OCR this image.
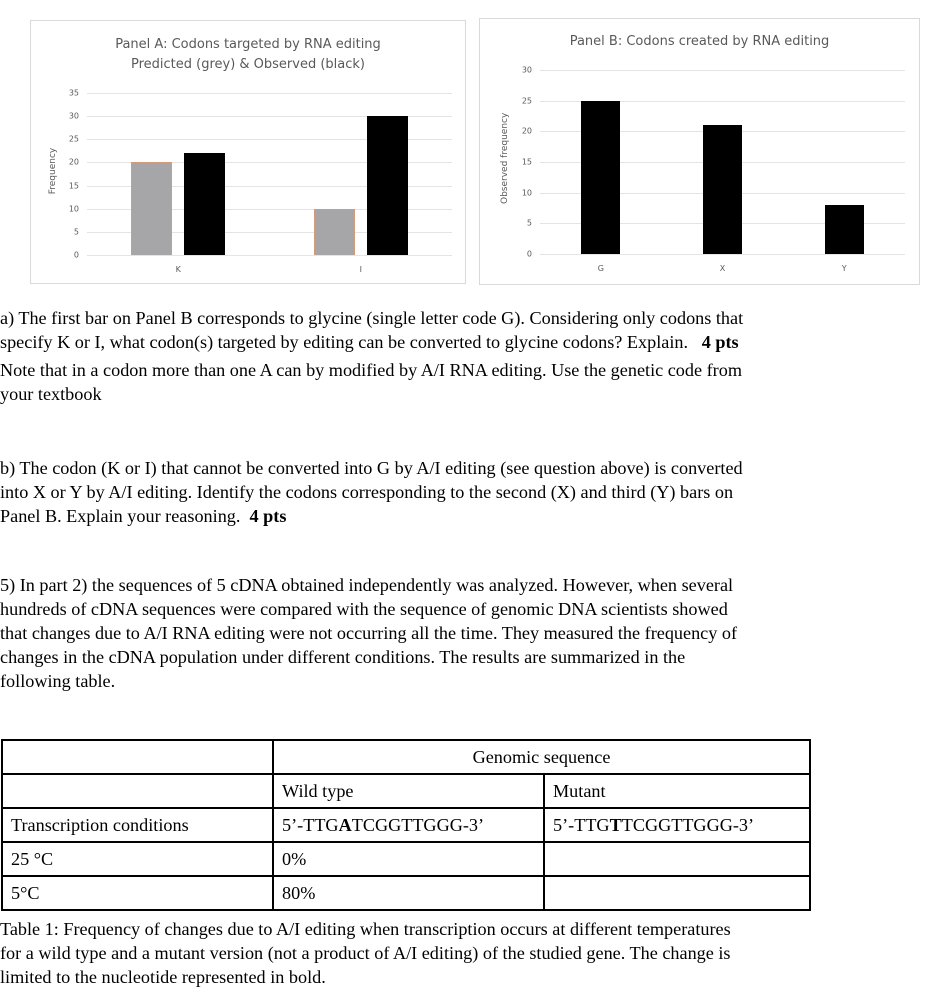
Panel A: Codons targeted by RNA editing
Predicted (grey) & Observed (black)
Frequency
0
5
10
15
20
25
30
35
K	I
Panel B: Codons created by RNA editing
Observed frequency
0
5
10
15
20
25
30
G	X	Y

a) The first bar on Panel B corresponds to glycine (single letter code G). Considering only codons that

specify K or I, what codon(s) targeted by editing can be converted to glycine codons? Explain. 4 pts

Note that in a codon more than one A can by modified by A/I RNA editing. Use the genetic code from

your textbook

b) The codon (K or I) that cannot be converted into G by A/I editing (see question above) is converted

into X or Y by A/I editing. Identify the codons corresponding to the second (X) and third (Y) bars on

Panel B. Explain your reasoning. 4 pts

5) In part 2) the sequences of 5 cDNA obtained independently was analyzed. However, when several

hundreds of cDNA sequences were compared with the sequence of genomic DNA scientists showed

that changes due to A/I RNA editing were not occurring all the time. They measured the frequency of

changes in the cDNA population under different conditions. The results are summarized in the

following table.

	Genomic sequence	
	Wild type	Mutant
Transcription conditions	5’-TTGATCGGTTGGG-3’	5’-TTGTTCGGTTGGG-3’
25 °C	0%	
5°C	80%	
Table 1: Frequency of changes due to A/I editing when transcription occurs at different temperatures
for a wild type and a mutant version (not a product of A/I editing) of the studied gene. The change is
limited to the nucleotide represented in bold.
